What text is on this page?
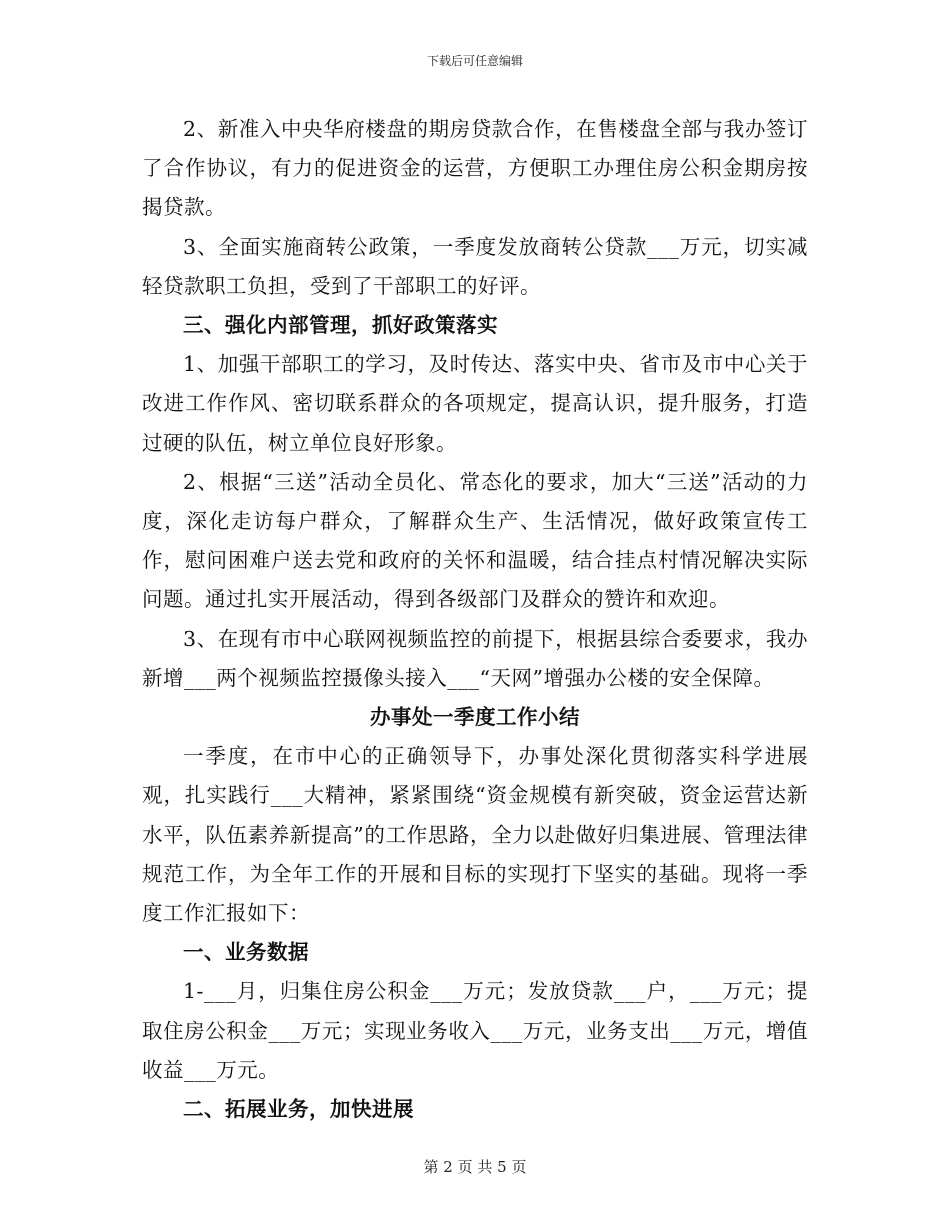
下载后可任意编辑

2、新准入中央华府楼盘的期房贷款合作，在售楼盘全部与我办签订了合作协议，有力的促进资金的运营，方便职工办理住房公积金期房按揭贷款。

3、全面实施商转公政策，一季度发放商转公贷款___万元，切实减轻贷款职工负担，受到了干部职工的好评。

三、强化内部管理，抓好政策落实

1、加强干部职工的学习，及时传达、落实中央、省市及市中心关于改进工作作风、密切联系群众的各项规定，提高认识，提升服务，打造过硬的队伍，树立单位良好形象。

2、根据“三送”活动全员化、常态化的要求，加大“三送”活动的力度，深化走访每户群众，了解群众生产、生活情况，做好政策宣传工作，慰问困难户送去党和政府的关怀和温暖，结合挂点村情况解决实际问题。通过扎实开展活动，得到各级部门及群众的赞许和欢迎。

3、在现有市中心联网视频监控的前提下，根据县综合委要求，我办新增___两个视频监控摄像头接入___“天网”增强办公楼的安全保障。

办事处一季度工作小结

一季度，在市中心的正确领导下，办事处深化贯彻落实科学进展观，扎实践行___大精神，紧紧围绕“资金规模有新突破，资金运营达新水平，队伍素养新提高”的工作思路，全力以赴做好归集进展、管理法律规范工作，为全年工作的开展和目标的实现打下坚实的基础。现将一季度工作汇报如下：

一、业务数据

1-___月，归集住房公积金___万元；发放贷款___户，___万元；提取住房公积金___万元；实现业务收入___万元，业务支出___万元，增值收益___万元。

二、拓展业务，加快进展

第 2 页 共 5 页
